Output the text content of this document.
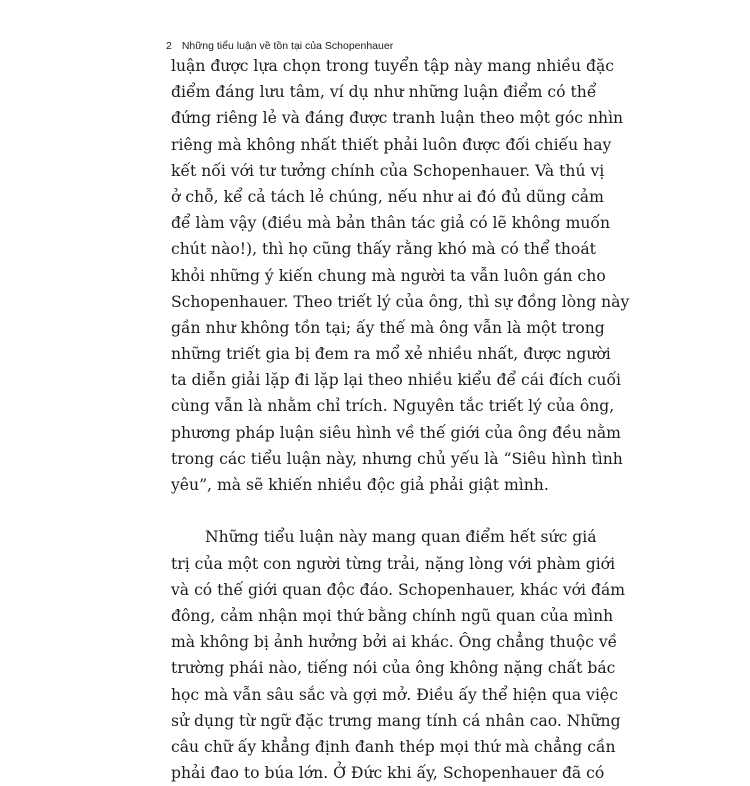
2 Những tiểu luận về tồn tại của Schopenhauer
luận được lựa chọn trong tuyển tập này mang nhiều đặc
điểm đáng lưu tâm, ví dụ như những luận điểm có thể
đứng riêng lẻ và đáng được tranh luận theo một góc nhìn
riêng mà không nhất thiết phải luôn được đối chiếu hay
kết nối với tư tưởng chính của Schopenhauer. Và thú vị
ở chỗ, kể cả tách lẻ chúng, nếu như ai đó đủ dũng cảm
để làm vậy (điều mà bản thân tác giả có lẽ không muốn
chút nào!), thì họ cũng thấy rằng khó mà có thể thoát
khỏi những ý kiến chung mà người ta vẫn luôn gán cho
Schopenhauer. Theo triết lý của ông, thì sự đồng lòng này
gần như không tồn tại; ấy thế mà ông vẫn là một trong
những triết gia bị đem ra mổ xẻ nhiều nhất, được người
ta diễn giải lặp đi lặp lại theo nhiều kiểu để cái đích cuối
cùng vẫn là nhằm chỉ trích. Nguyên tắc triết lý của ông,
phương pháp luận siêu hình về thế giới của ông đều nằm
trong các tiểu luận này, nhưng chủ yếu là “Siêu hình tình
yêu”, mà sẽ khiến nhiều độc giả phải giật mình.
Những tiểu luận này mang quan điểm hết sức giá
trị của một con người từng trải, nặng lòng với phàm giới
và có thế giới quan độc đáo. Schopenhauer, khác với đám
đông, cảm nhận mọi thứ bằng chính ngũ quan của mình
mà không bị ảnh hưởng bởi ai khác. Ông chẳng thuộc về
trường phái nào, tiếng nói của ông không nặng chất bác
học mà vẫn sâu sắc và gợi mở. Điều ấy thể hiện qua việc
sử dụng từ ngữ đặc trưng mang tính cá nhân cao. Những
câu chữ ấy khẳng định đanh thép mọi thứ mà chẳng cần
phải đao to búa lớn. Ở Đức khi ấy, Schopenhauer đã có
